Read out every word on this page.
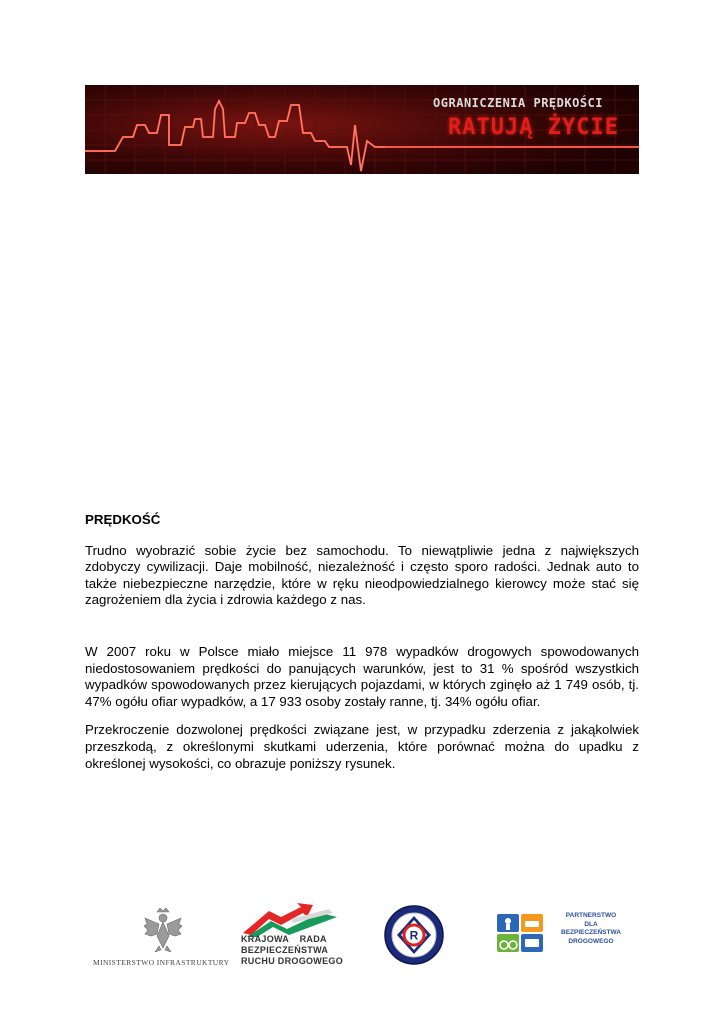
OGRANICZENIA PRĘDKOŚCI
RATUJĄ ŻYCIE

PRĘDKOŚĆ

Trudno wyobrazić sobie życie bez samochodu. To niewątpliwie jedna z największych zdobyczy cywilizacji. Daje mobilność, niezależność i często sporo radości. Jednak auto to także niebezpieczne narzędzie, które w ręku nieodpowiedzialnego kierowcy może stać się zagrożeniem dla życia i zdrowia każdego z nas.

W 2007 roku w Polsce miało miejsce 11 978 wypadków drogowych spowodowanych niedostosowaniem prędkości do panujących warunków, jest to 31 % spośród wszystkich wypadków spowodowanych przez kierujących pojazdami, w których zginęło aż 1 749 osób, tj. 47% ogółu ofiar wypadków, a 17 933 osoby zostały ranne, tj. 34% ogółu ofiar.

Przekroczenie dozwolonej prędkości związane jest, w przypadku zderzenia z jakąkolwiek przeszkodą, z określonymi skutkami uderzenia, które porównać można do upadku z określonej wysokości, co obrazuje poniższy rysunek.

MINISTERSTWO INFRASTRUKTURY
KRAJOWA RADA
BEZPIECZEŃSTWA
RUCHU DROGOWEGO
R
PARTNERSTWO
DLA
BEZPIECZEŃSTWA
DROGOWEGO
